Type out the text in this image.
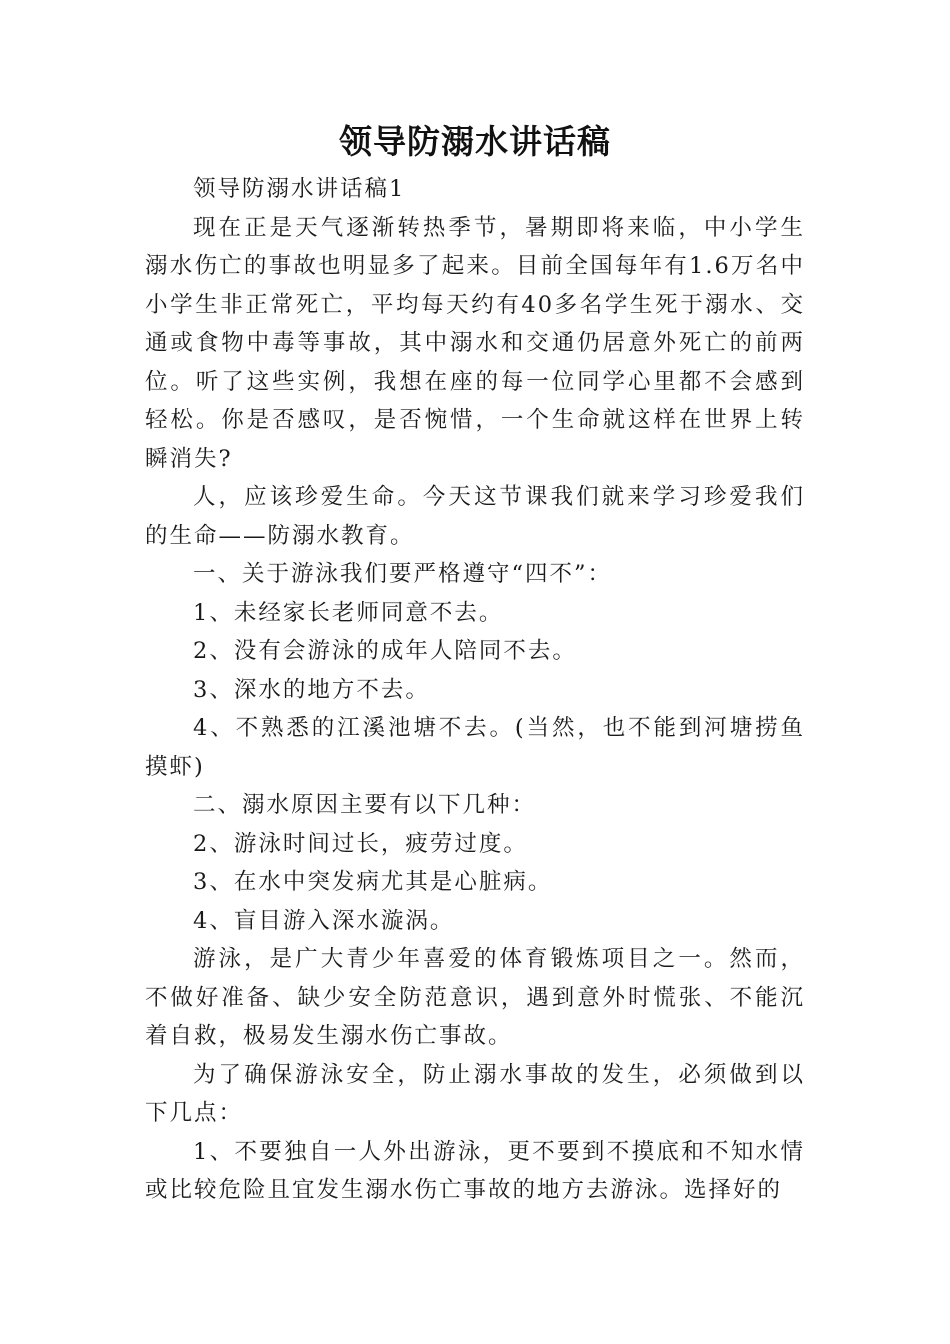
领导防溺水讲话稿

领导防溺水讲话稿1

现在正是天气逐渐转热季节，暑期即将来临，中小学生溺水伤亡的事故也明显多了起来。目前全国每年有1.6万名中小学生非正常死亡，平均每天约有40多名学生死于溺水、交通或食物中毒等事故，其中溺水和交通仍居意外死亡的前两位。听了这些实例，我想在座的每一位同学心里都不会感到轻松。你是否感叹，是否惋惜，一个生命就这样在世界上转瞬消失?

人，应该珍爱生命。今天这节课我们就来学习珍爱我们的生命——防溺水教育。

一、关于游泳我们要严格遵守“四不”：

1、未经家长老师同意不去。

2、没有会游泳的成年人陪同不去。

3、深水的地方不去。

4、不熟悉的江溪池塘不去。(当然，也不能到河塘捞鱼摸虾)

二、溺水原因主要有以下几种：

2、游泳时间过长，疲劳过度。

3、在水中突发病尤其是心脏病。

4、盲目游入深水漩涡。

游泳，是广大青少年喜爱的体育锻炼项目之一。然而，不做好准备、缺少安全防范意识，遇到意外时慌张、不能沉着自救，极易发生溺水伤亡事故。

为了确保游泳安全，防止溺水事故的发生，必须做到以下几点：

1、不要独自一人外出游泳，更不要到不摸底和不知水情或比较危险且宜发生溺水伤亡事故的地方去游泳。选择好的
